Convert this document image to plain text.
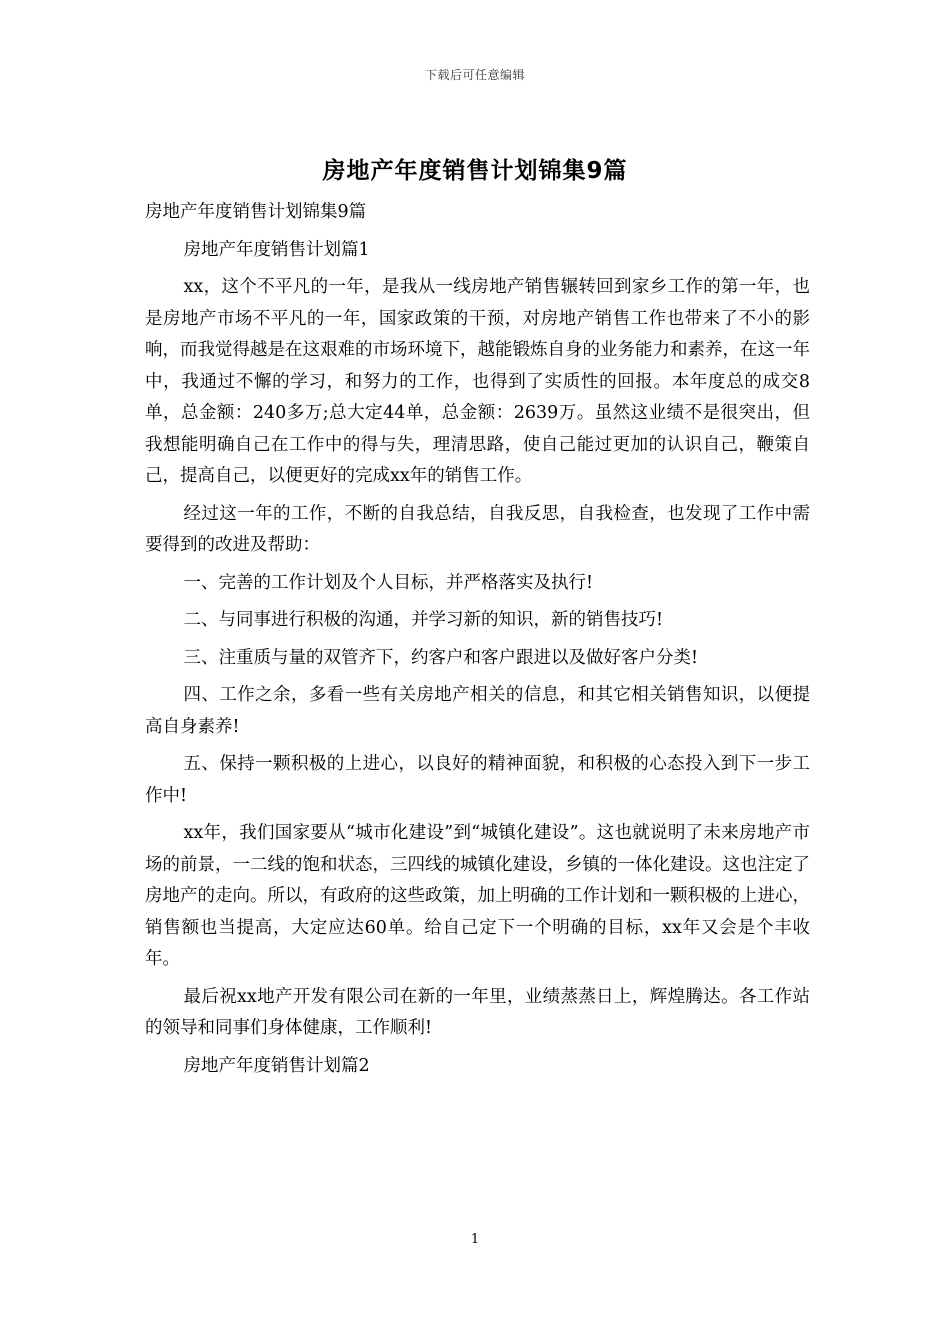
下载后可任意编辑
房地产年度销售计划锦集9篇

房地产年度销售计划锦集9篇

房地产年度销售计划篇1

xx，这个不平凡的一年，是我从一线房地产销售辗转回到家乡工作的第一年，也是房地产市场不平凡的一年，国家政策的干预，对房地产销售工作也带来了不小的影响，而我觉得越是在这艰难的市场环境下，越能锻炼自身的业务能力和素养，在这一年中，我通过不懈的学习，和努力的工作，也得到了实质性的回报。本年度总的成交8单，总金额：240多万;总大定44单，总金额：2639万。虽然这业绩不是很突出，但我想能明确自己在工作中的得与失，理清思路，使自己能过更加的认识自己，鞭策自己，提高自己，以便更好的完成xx年的销售工作。

经过这一年的工作，不断的自我总结，自我反思，自我检查，也发现了工作中需要得到的改进及帮助：

一、完善的工作计划及个人目标，并严格落实及执行!

二、与同事进行积极的沟通，并学习新的知识，新的销售技巧!

三、注重质与量的双管齐下，约客户和客户跟进以及做好客户分类!

四、工作之余，多看一些有关房地产相关的信息，和其它相关销售知识，以便提高自身素养!

五、保持一颗积极的上进心，以良好的精神面貌，和积极的心态投入到下一步工作中!

xx年，我们国家要从“城市化建设”到“城镇化建设”。这也就说明了未来房地产市场的前景，一二线的饱和状态，三四线的城镇化建设，乡镇的一体化建设。这也注定了房地产的走向。所以，有政府的这些政策，加上明确的工作计划和一颗积极的上进心，销售额也当提高，大定应达60单。给自己定下一个明确的目标，xx年又会是个丰收年。

最后祝xx地产开发有限公司在新的一年里，业绩蒸蒸日上，辉煌腾达。各工作站的领导和同事们身体健康，工作顺利!

房地产年度销售计划篇2

1
